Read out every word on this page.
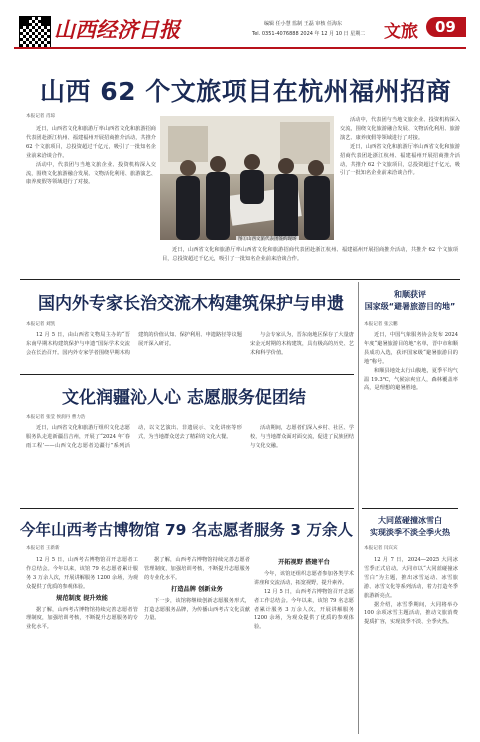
山西经济日报	编辑 任小慧 监制 王磊 审核 任海东
Tel. 0351-4076888 2024 年 12 月 10 日 星期二 文旅 09
山西 62 个文旅项目在杭州福州招商
本报记者 肖琼

近日，山西省文化和旅游厅率山西省文化和旅游招商代表团赴浙江杭州、福建福州开展招商推介活动，共推介 62 个文旅项目，总投资超过千亿元，吸引了一批知名企业前来洽谈合作。

活动中，代表团与当地文旅企业、投资机构深入交流，围绕文化旅游融合发展、文物活化利用、旅游演艺、康养度假等领域进行了对接。

图①山西文旅代表团签约现场

活动中，代表团与当地文旅企业、投资机构深入交流，围绕文化旅游融合发展、文物活化利用、旅游演艺、康养度假等领域进行了对接。

近日，山西省文化和旅游厅率山西省文化和旅游招商代表团赴浙江杭州、福建福州开展招商推介活动，共推介 62 个文旅项目，总投资超过千亿元，吸引了一批知名企业前来洽谈合作。

近日，山西省文化和旅游厅率山西省文化和旅游招商代表团赴浙江杭州、福建福州开展招商推介活动，共推介 62 个文旅项目，总投资超过千亿元，吸引了一批知名企业前来洽谈合作。

国内外专家长治交流木构建筑保护与申遗
本报记者 刘凯

12 月 5 日，由山西省文物局主办的“晋东南早期木构建筑保护与申遗”国际学术交流会在长治召开。国内外专家学者围绕早期木构建筑的价值认知、保护利用、申遗路径等议题展开深入研讨。

与会专家认为，晋东南地区保存了大量唐宋金元时期的木构建筑，具有极高的历史、艺术和科学价值。

文化润疆沁人心 志愿服务促团结
本报记者 张莹 侯润丹 曹力浩

近日，山西省文化和旅游厅组织文化志愿服务队走进新疆昌吉州，开展了“2024 年‘春雨工程’——山西文化志愿者边疆行”系列活动，以文艺演出、非遗展示、文化讲座等形式，为当地群众送去了精彩的文化大餐。

活动期间，志愿者们深入乡村、社区、学校，与当地群众面对面交流，促进了民族团结与文化交融。

今年山西考古博物馆 79 名志愿者服务 3 万余人
本报记者 王新新

12 月 5 日，山西考古博物馆召开志愿者工作总结会。今年以来，该馆 79 名志愿者累计服务 3 万余人次，开展讲解服务 1200 余场，为观众提供了优质的参观体验。

规范制度 提升效能

据了解，山西考古博物馆持续完善志愿者管理制度，加强培训考核，不断提升志愿服务的专业化水平。

据了解，山西考古博物馆持续完善志愿者管理制度，加强培训考核，不断提升志愿服务的专业化水平。

打造品牌 创新业务

下一步，该馆将继续创新志愿服务形式，打造志愿服务品牌，为传播山西考古文化贡献力量。

开拓视野 搭建平台

今年，该馆还组织志愿者参加各类学术讲座和交流活动，拓宽视野，提升素养。

12 月 5 日，山西考古博物馆召开志愿者工作总结会。今年以来，该馆 79 名志愿者累计服务 3 万余人次，开展讲解服务 1200 余场，为观众提供了优质的参观体验。

和顺获评
国家级“避暑旅游目的地”
本报记者 张云鹏

近日，中国气象服务协会发布 2024 年度“避暑旅游目的地”名单，晋中市和顺县成功入选，获评国家级“避暑旅游目的地”称号。

和顺县地处太行山腹地，夏季平均气温 19.3℃，气候凉爽宜人，森林覆盖率高，是理想的避暑胜地。

大同蓝碰撞冰雪白
实现淡季不淡全季火热
本报记者 闫宾宾

12 月 7 日，2024—2025 大同冰雪季正式启动。大同市以“大同蓝碰撞冰雪白”为主题，推出冰雪运动、冰雪旅游、冰雪文化等系列活动，着力打造冬季旅游新亮点。

据介绍，冰雪季期间，大同将举办 100 余项冰雪主题活动，推动文旅消费提质扩容，实现淡季不淡、全季火热。
